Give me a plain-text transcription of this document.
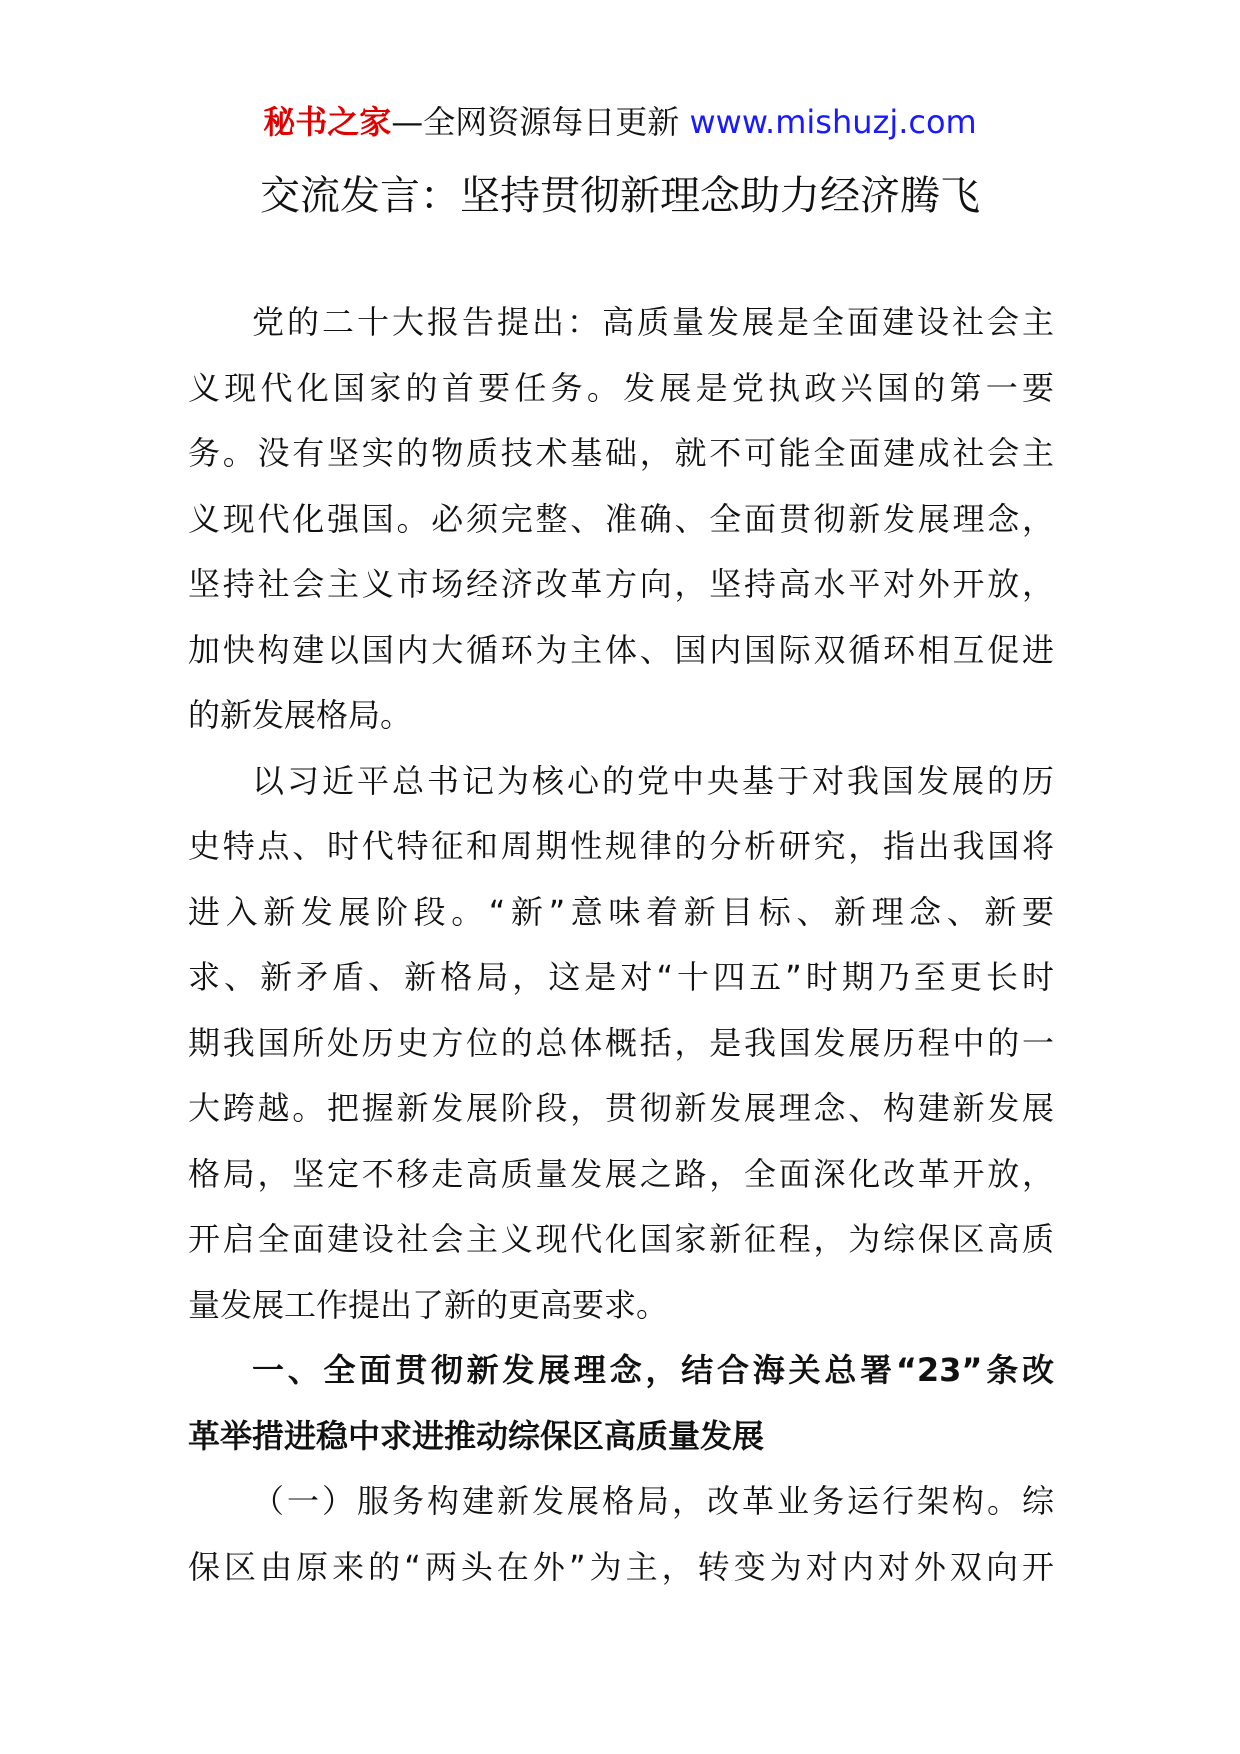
秘书之家—全网资源每日更新 www.mishuzj.com
交流发言：坚持贯彻新理念助力经济腾飞
党的二十大报告提出：高质量发展是全面建设社会主
义现代化国家的首要任务。发展是党执政兴国的第一要
务。没有坚实的物质技术基础，就不可能全面建成社会主
义现代化强国。必须完整、准确、全面贯彻新发展理念，
坚持社会主义市场经济改革方向，坚持高水平对外开放，
加快构建以国内大循环为主体、国内国际双循环相互促进
的新发展格局。
以习近平总书记为核心的党中央基于对我国发展的历
史特点、时代特征和周期性规律的分析研究，指出我国将
进入新发展阶段。“新”意味着新目标、新理念、新要
求、新矛盾、新格局，这是对“十四五”时期乃至更长时
期我国所处历史方位的总体概括，是我国发展历程中的一
大跨越。把握新发展阶段，贯彻新发展理念、构建新发展
格局，坚定不移走高质量发展之路，全面深化改革开放，
开启全面建设社会主义现代化国家新征程，为综保区高质
量发展工作提出了新的更高要求。
一、全面贯彻新发展理念，结合海关总署“23”条改
革举措进稳中求进推动综保区高质量发展
（一）服务构建新发展格局，改革业务运行架构。综
保区由原来的“两头在外”为主，转变为对内对外双向开
